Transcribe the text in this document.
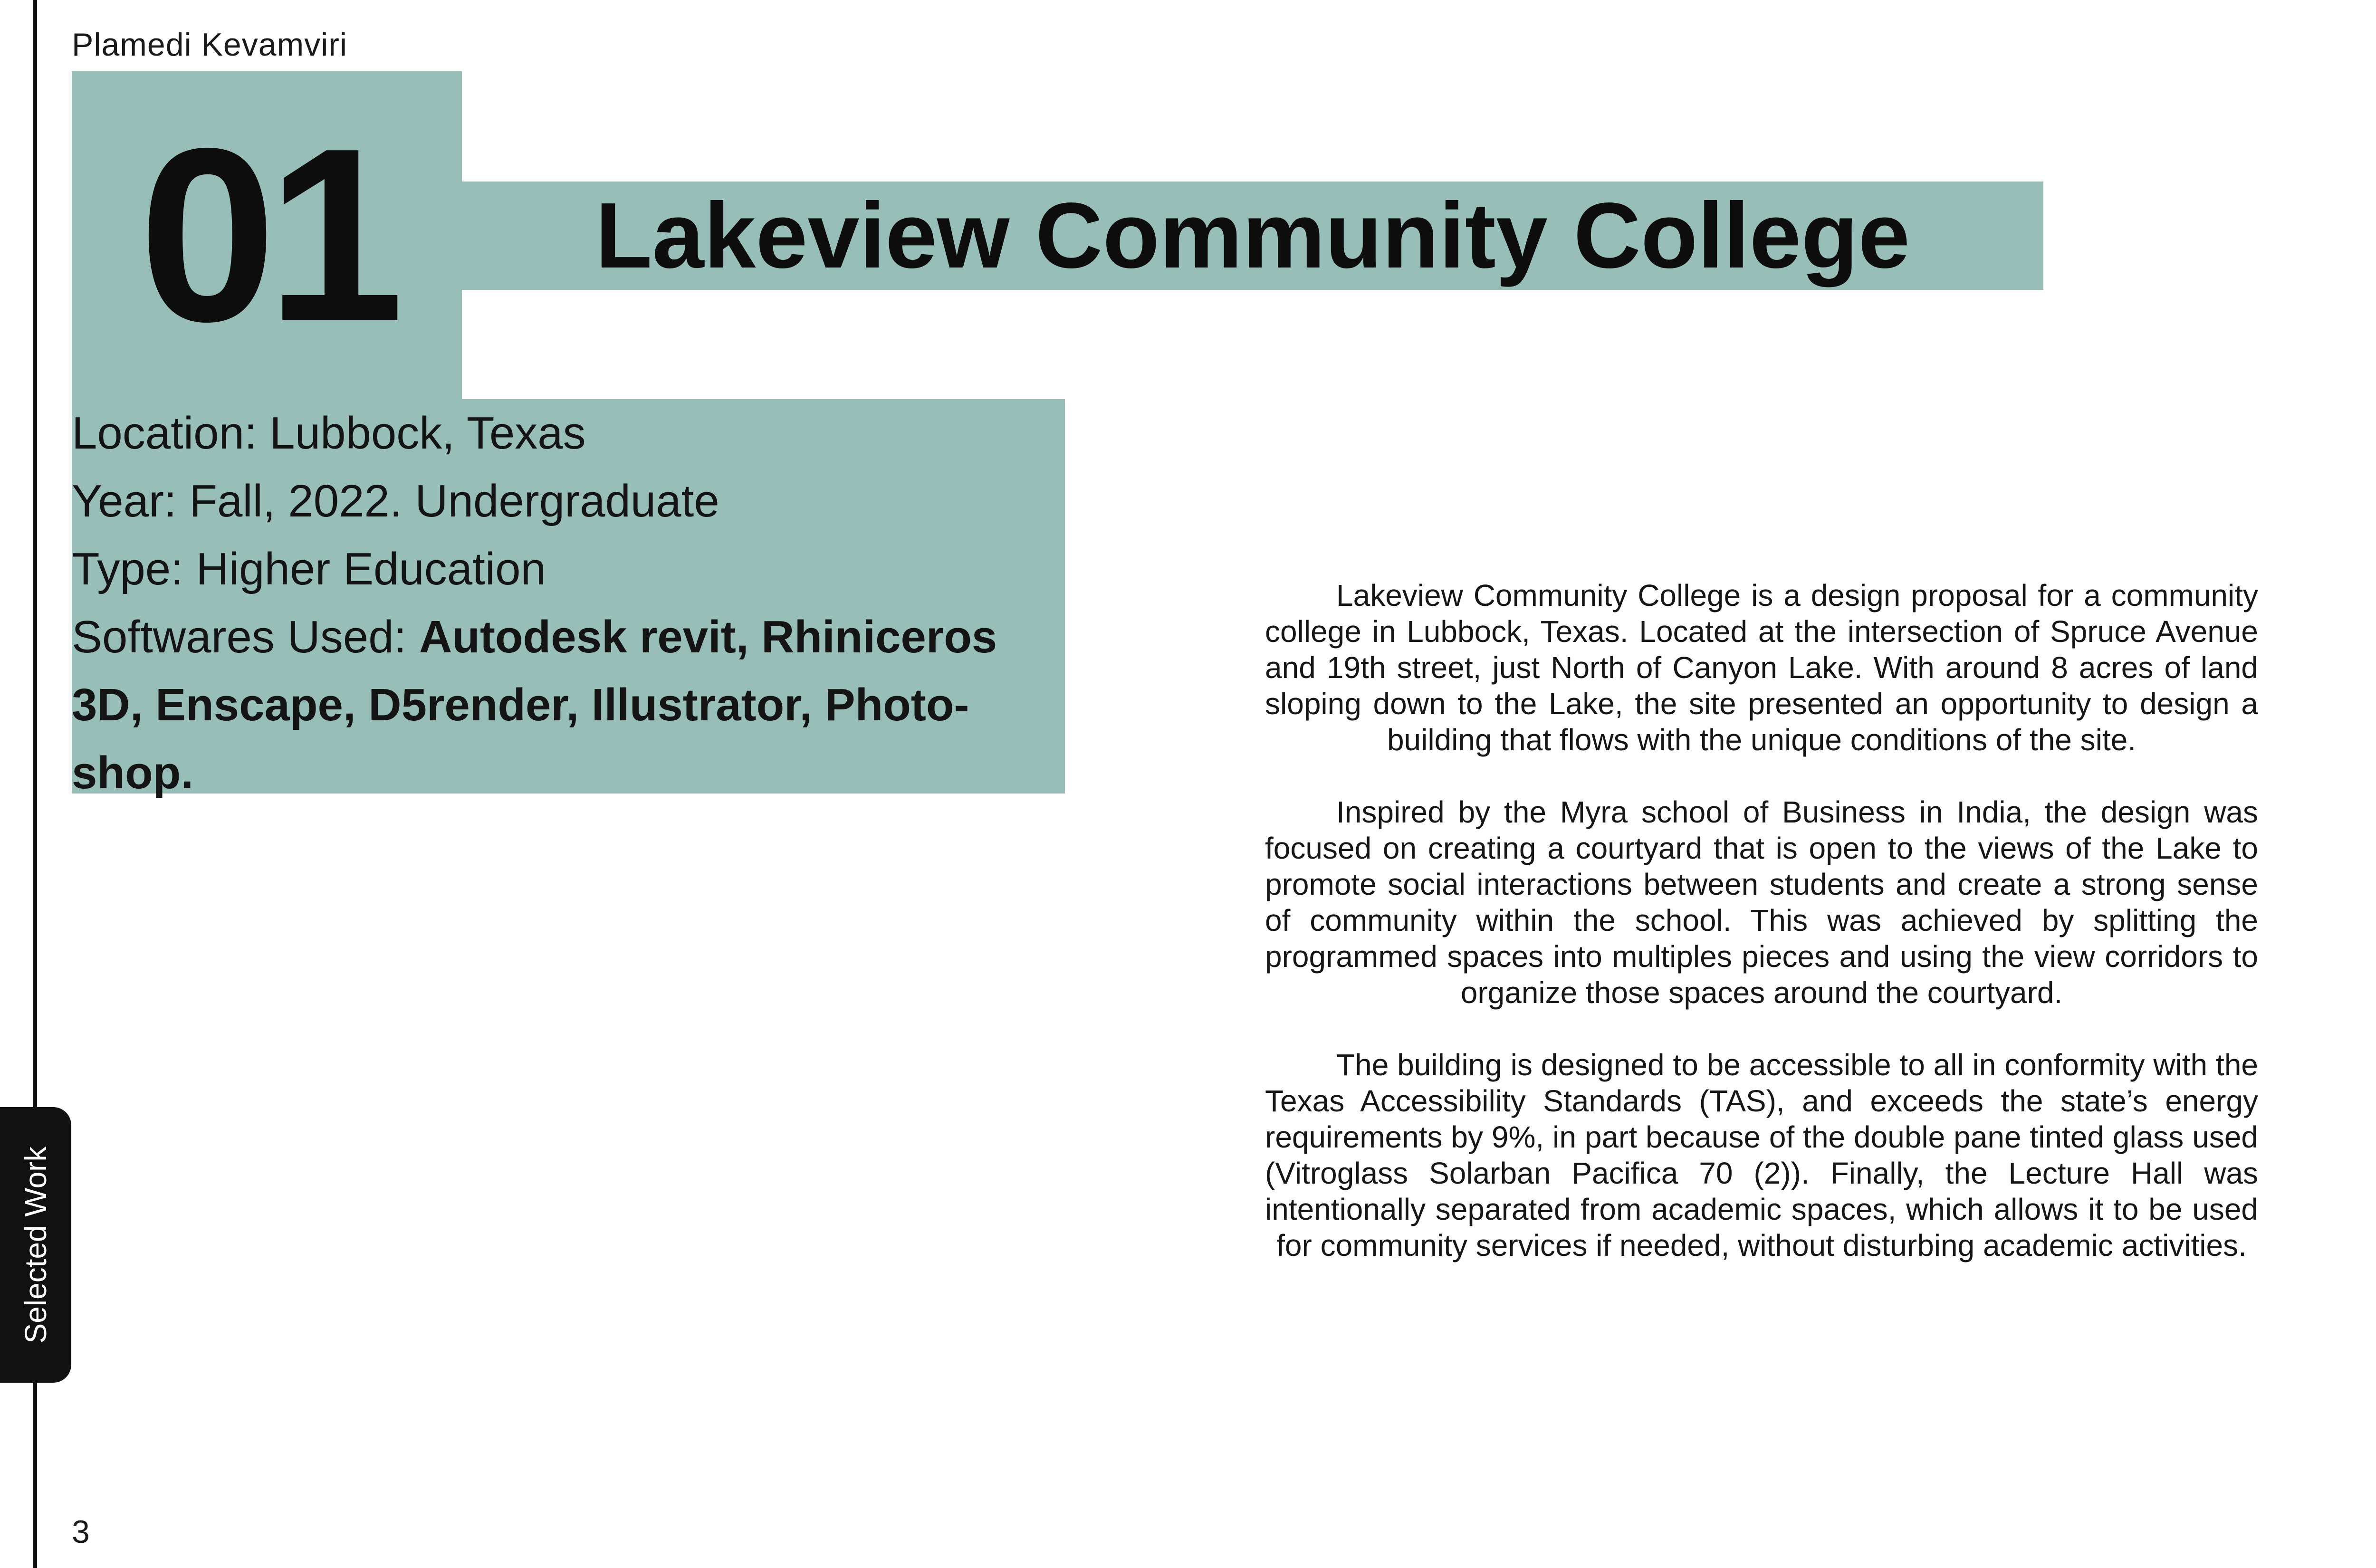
Plamedi Kevamviri
01	Lakeview Community College
Location: Lubbock, Texas
Year: Fall, 2022. Undergraduate
Type: Higher Education
Softwares Used: Autodesk revit, Rhiniceros 3D, Enscape, D5render, Illustrator, Photo-shop.

Lakeview Community College is a design proposal for a community college in Lubbock, Texas. Located at the intersection of Spruce Avenue and 19th street, just North of Canyon Lake. With around 8 acres of land sloping down to the Lake, the site presented an opportunity to design a building that flows with the unique conditions of the site.

Inspired by the Myra school of Business in India, the design was focused on creating a courtyard that is open to the views of the Lake to promote social interactions between students and create a strong sense of community within the school. This was achieved by splitting the programmed spaces into multiples pieces and using the view corridors to organize those spaces around the courtyard.

The building is designed to be accessible to all in conformity with the Texas Accessibility Standards (TAS), and exceeds the state’s energy requirements by 9%, in part because of the double pane tinted glass used (Vitroglass Solarban Pacifica 70 (2)). Finally, the Lecture Hall was intentionally separated from academic spaces, which allows it to be used for community services if needed, without disturbing academic activities.

Selected Work
3
